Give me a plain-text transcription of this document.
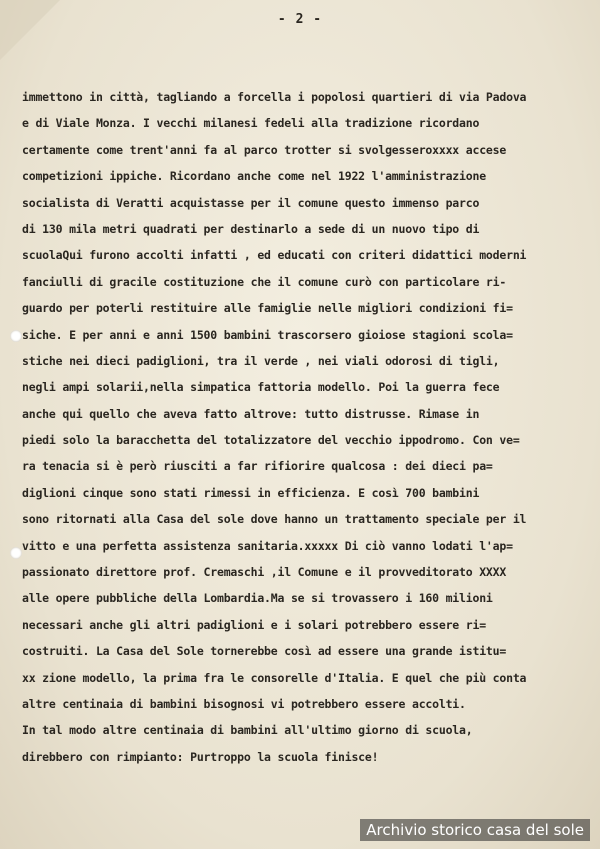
- 2 -
immettono in città, tagliando a forcella i popolosi quartieri di via Padova
e di Viale Monza. I vecchi milanesi fedeli alla tradizione ricordano
certamente come trent'anni fa al parco trotter si svolgesseroxxxx accese
competizioni ippiche. Ricordano anche come nel 1922 l'amministrazione
socialista di Veratti acquistasse per il comune questo immenso parco
di 130 mila metri quadrati per destinarlo a sede di un nuovo tipo di
scuolaQui furono accolti infatti , ed educati con criteri didattici moderni
fanciulli di gracile costituzione che il comune curò con particolare ri-
guardo per poterli restituire alle famiglie nelle migliori condizioni fi=
siche. E per anni e anni 1500 bambini trascorsero gioiose stagioni scola=
stiche nei dieci padiglioni, tra il verde , nei viali odorosi di tigli,
negli ampi solarii,nella simpatica fattoria modello. Poi la guerra fece
anche qui quello che aveva fatto altrove: tutto distrusse. Rimase in
piedi solo la baracchetta del totalizzatore del vecchio ippodromo. Con ve=
ra tenacia si è però riusciti a far rifiorire qualcosa : dei dieci pa=
diglioni cinque sono stati rimessi in efficienza. E così 700 bambini
sono ritornati alla Casa del sole dove hanno un trattamento speciale per il
vitto e una perfetta assistenza sanitaria.xxxxx Di ciò vanno lodati l'ap=
passionato direttore prof. Cremaschi ,il Comune e il provveditorato XXXX
alle opere pubbliche della Lombardia.Ma se si trovassero i 160 milioni
necessari anche gli altri padiglioni e i solari potrebbero essere ri=
costruiti. La Casa del Sole tornerebbe così ad essere una grande istitu=
xx zione modello, la prima fra le consorelle d'Italia. E quel che più conta
altre centinaia di bambini bisognosi vi potrebbero essere accolti.
In tal modo altre centinaia di bambini all'ultimo giorno di scuola,
direbbero con rimpianto: Purtroppo la scuola finisce!
Archivio storico casa del sole
